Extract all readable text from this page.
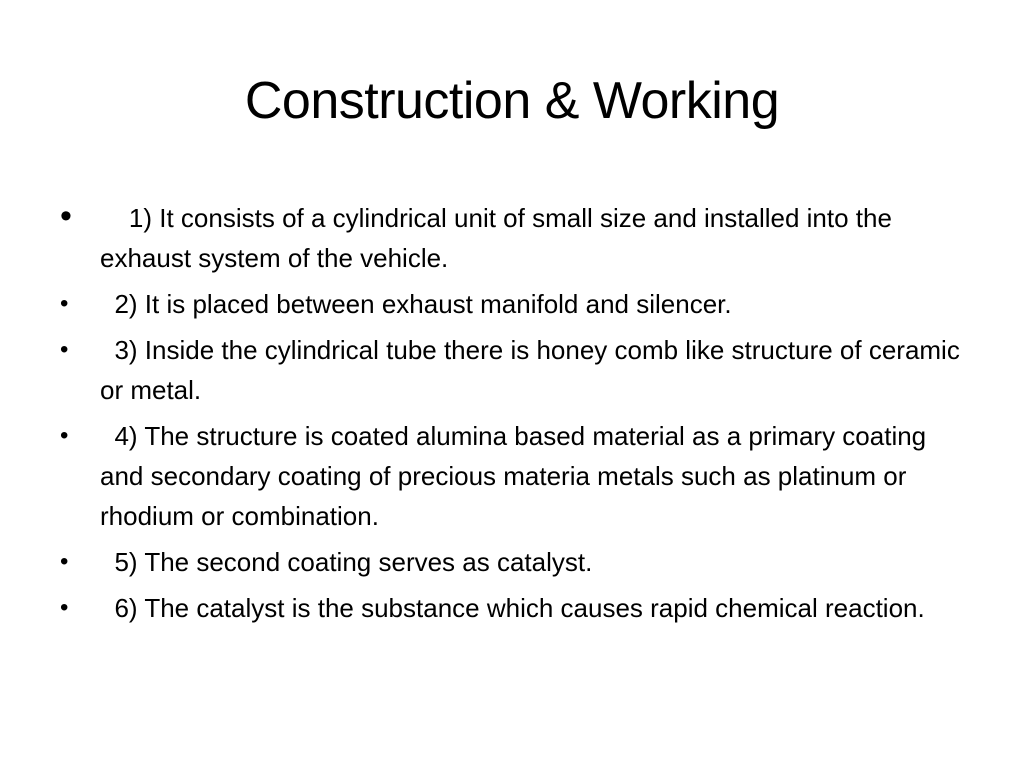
Construction & Working
• 1) It consists of a cylindrical unit of small size and installed into the exhaust system of the vehicle.
• 2) It is placed between exhaust manifold and silencer.
• 3) Inside the cylindrical tube there is honey comb like structure of ceramic or metal.
• 4) The structure is coated alumina based material as a primary coating and secondary coating of precious materia metals such as platinum or rhodium or combination.
• 5) The second coating serves as catalyst.
• 6) The catalyst is the substance which causes rapid chemical reaction.
